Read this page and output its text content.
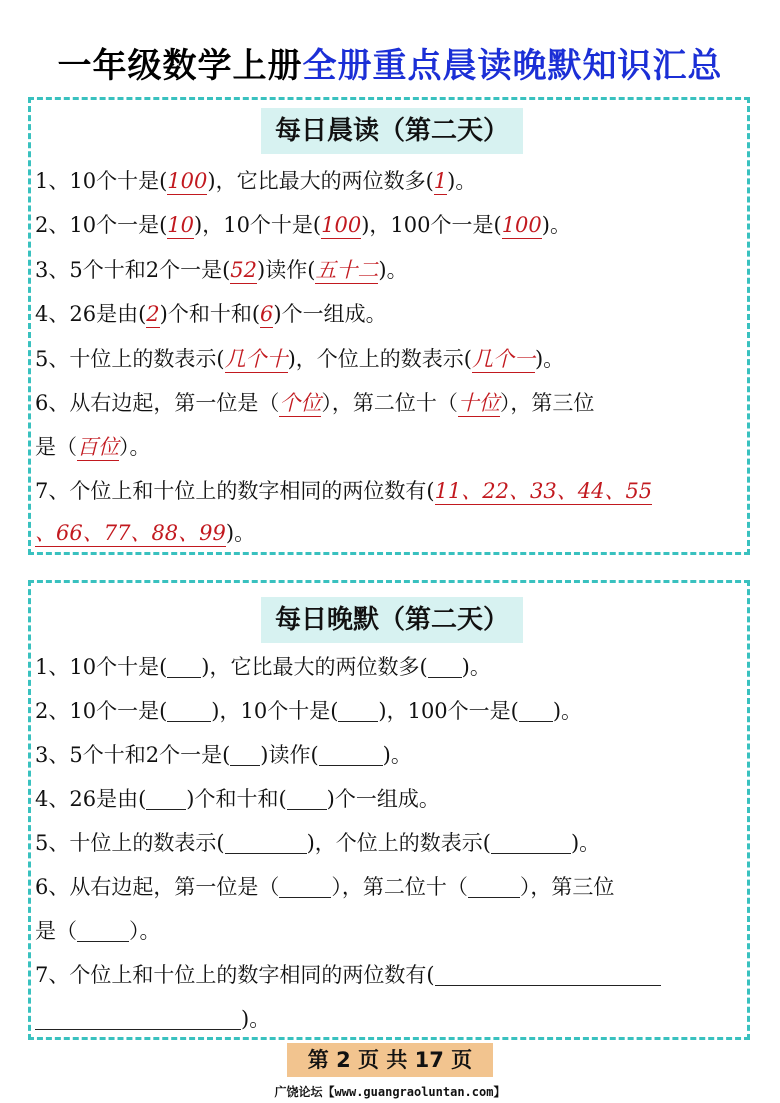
一年级数学上册全册重点晨读晚默知识汇总
每日晨读（第二天）
1、10个十是(100)，它比最大的两位数多(1)。
2、10个一是(10)，10个十是(100)，100个一是(100)。
3、5个十和2个一是(52)读作(五十二)。
4、26是由(2)个和十和(6)个一组成。
5、十位上的数表示(几个十)，个位上的数表示(几个一)。
6、从右边起，第一位是（个位），第二位十（十位），第三位
是（百位）。
7、个位上和十位上的数字相同的两位数有(11、22、33、44、55
、66、77、88、99)。
每日晚默（第二天）
1、10个十是( )，它比最大的两位数多( )。
2、10个一是( )，10个十是( )，100个一是( )。
3、5个十和2个一是( )读作(	)。
4、26是由( )个和十和( )个一组成。
5、十位上的数表示(	)，个位上的数表示(	)。
6、从右边起，第一位是（ ），第二位十（ ），第三位
是（ ）。
7、个位上和十位上的数字相同的两位数有(
)。
第 2 页 共 17 页
广饶论坛【www.guangraoluntan.com】
